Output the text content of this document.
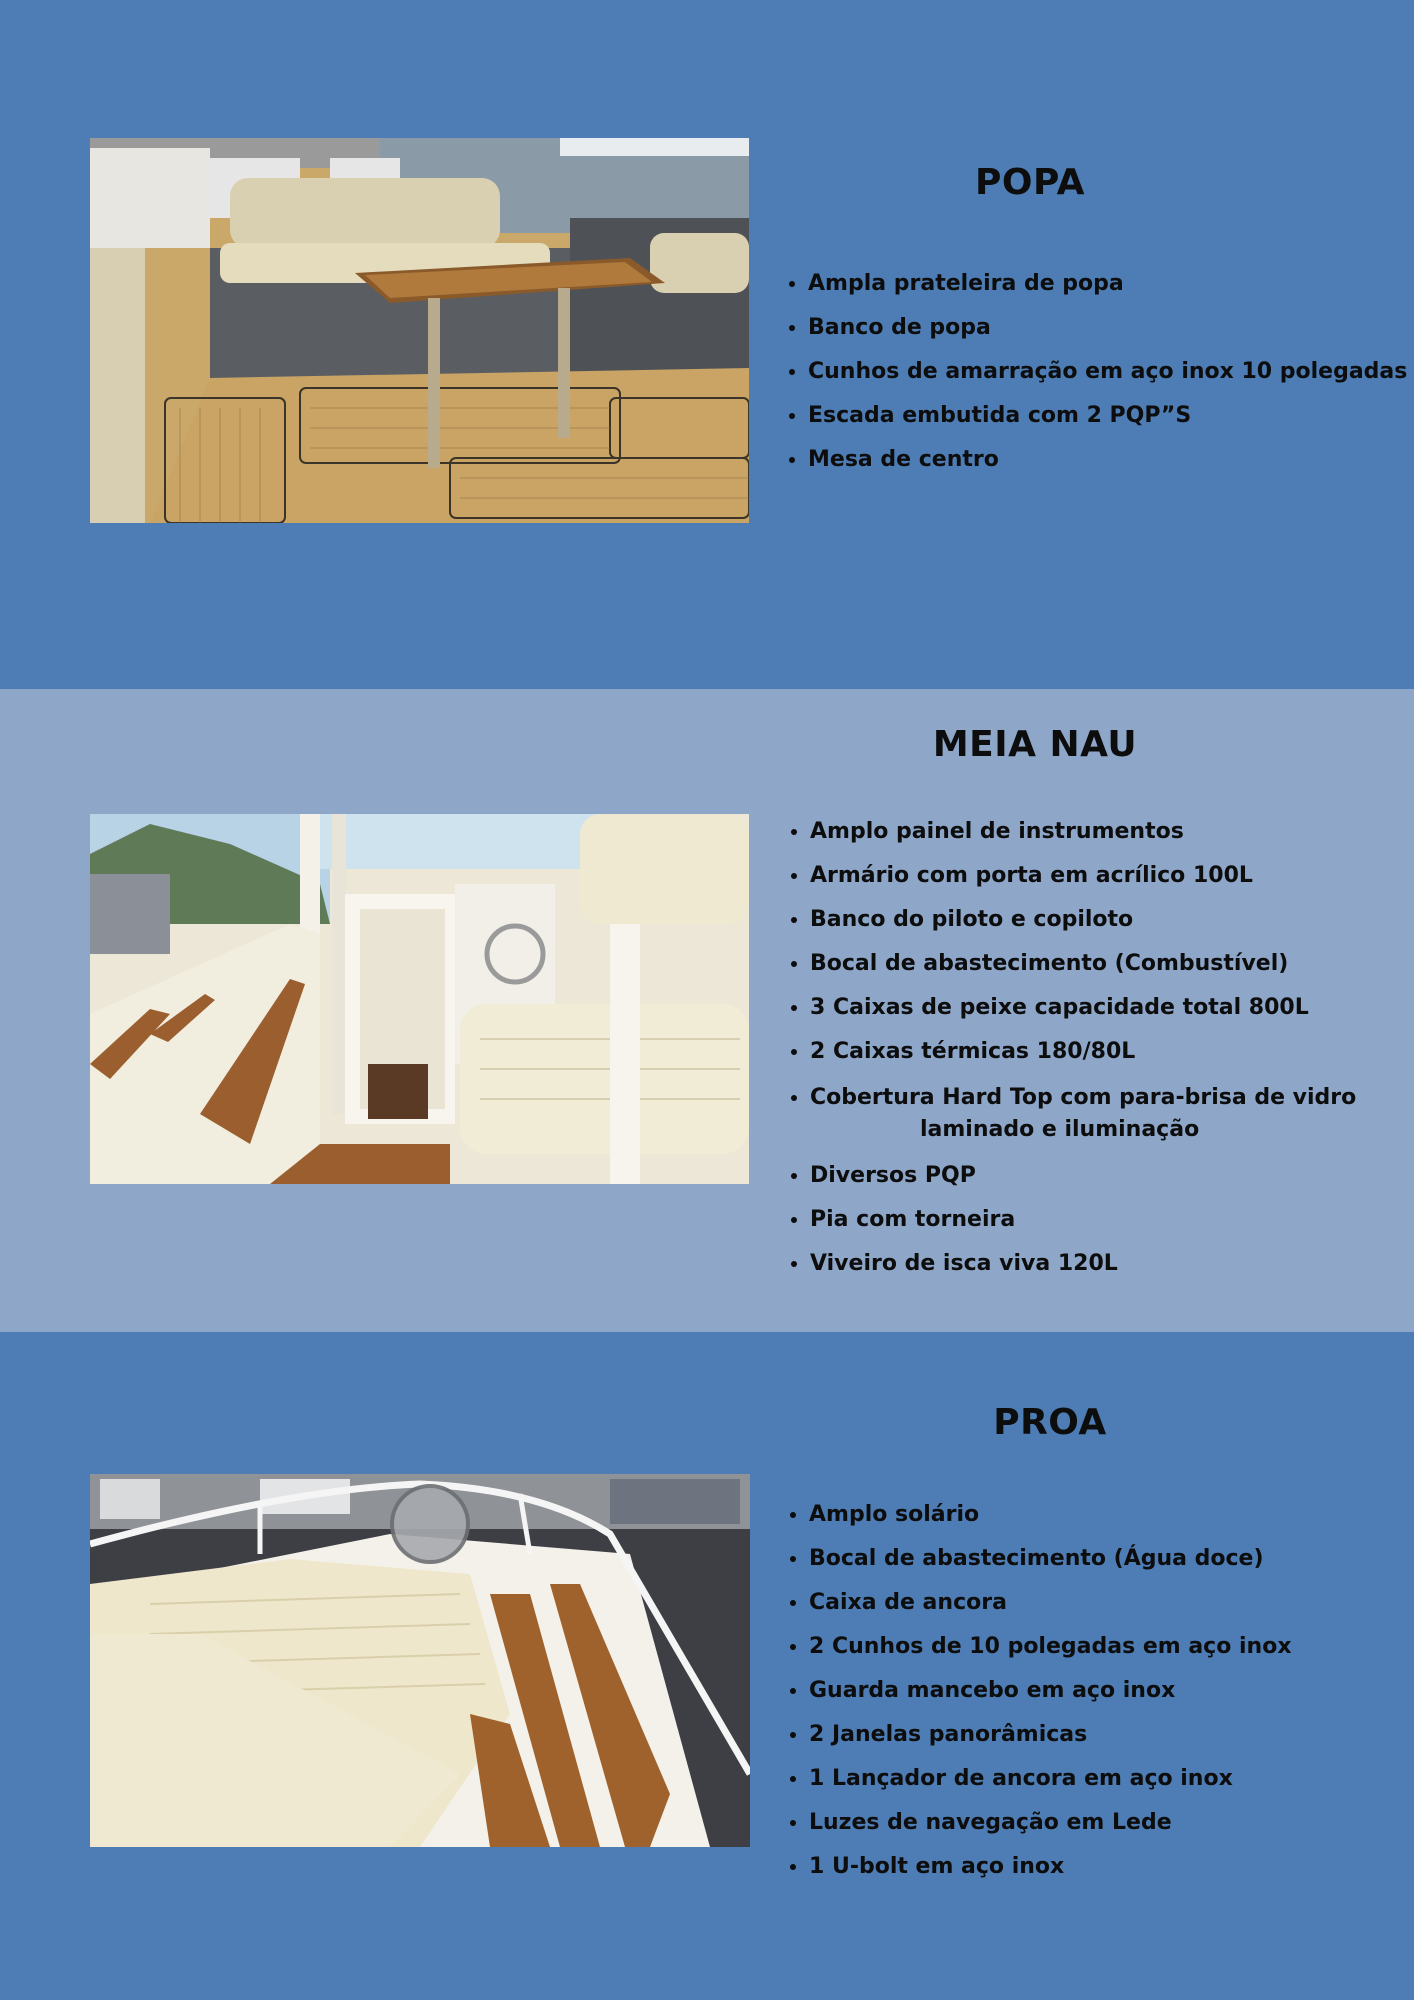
POPA
• Ampla prateleira de popa
• Banco de popa
• Cunhos de amarração em aço inox 10 polegadas
• Escada embutida com 2 PQP”S
• Mesa de centro
MEIA NAU
• Amplo painel de instrumentos
• Armário com porta em acrílico 100L
• Banco do piloto e copiloto
• Bocal de abastecimento (Combustível)
• 3 Caixas de peixe capacidade total 800L
• 2 Caixas térmicas 180/80L
• Cobertura Hard Top com para-brisa de vidro
laminado e iluminação
• Diversos PQP
• Pia com torneira
• Viveiro de isca viva 120L
PROA
• Amplo solário
• Bocal de abastecimento (Água doce)
• Caixa de ancora
• 2 Cunhos de 10 polegadas em aço inox
• Guarda mancebo em aço inox
• 2 Janelas panorâmicas
• 1 Lançador de ancora em aço inox
• Luzes de navegação em Lede
• 1 U-bolt em aço inox
